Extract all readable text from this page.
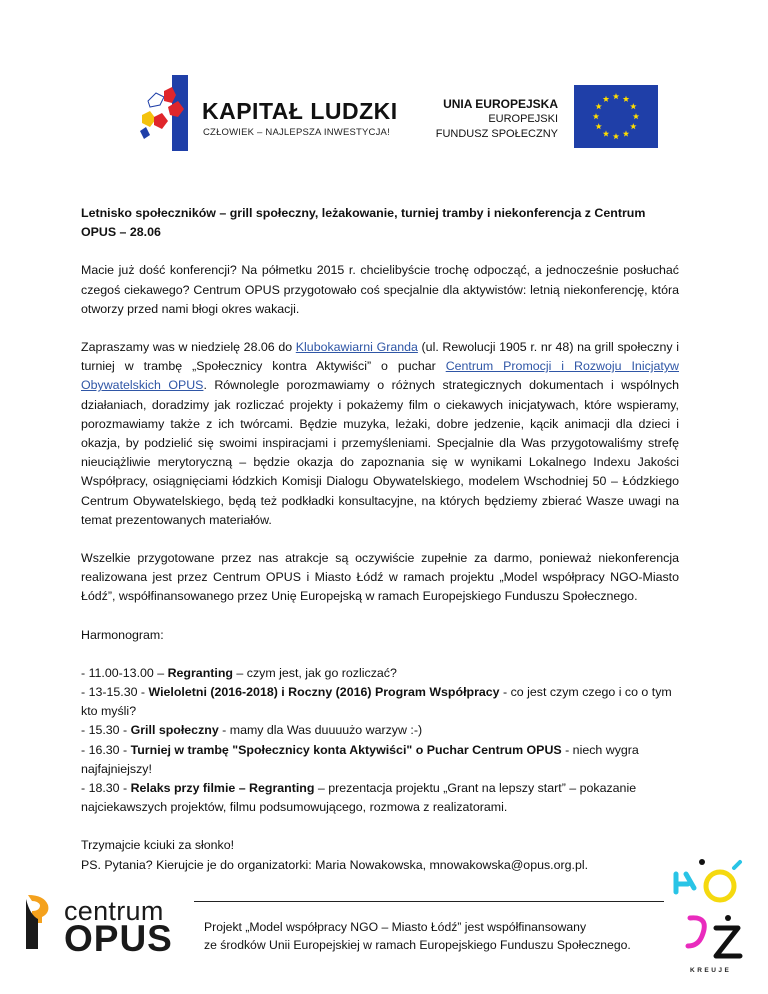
KAPITAŁ LUDZKI
CZŁOWIEK – NAJLEPSZA INWESTYCJA!
UNIA EUROPEJSKA
EUROPEJSKI
FUNDUSZ SPOŁECZNY

Letnisko społeczników – grill społeczny, leżakowanie, turniej tramby i niekonferencja z Centrum OPUS – 28.06

Macie już dość konferencji? Na półmetku 2015 r. chcielibyście trochę odpocząć, a jednocześnie posłuchać czegoś ciekawego? Centrum OPUS przygotowało coś specjalnie dla aktywistów: letnią niekonferencję, która otworzy przed nami błogi okres wakacji.

Zapraszamy was w niedzielę 28.06 do Klubokawiarni Granda (ul. Rewolucji 1905 r. nr 48) na grill społeczny i turniej w trambę „Społecznicy kontra Aktywiści” o puchar Centrum Promocji i Rozwoju Inicjatyw Obywatelskich OPUS. Równolegle porozmawiamy o różnych strategicznych dokumentach i wspólnych działaniach, doradzimy jak rozliczać projekty i pokażemy film o ciekawych inicjatywach, które wspieramy, porozmawiamy także z ich twórcami. Będzie muzyka, leżaki, dobre jedzenie, kącik animacji dla dzieci i okazja, by podzielić się swoimi inspiracjami i przemyśleniami. Specjalnie dla Was przygotowaliśmy strefę nieuciążliwie merytoryczną – będzie okazja do zapoznania się w wynikami Lokalnego Indexu Jakości Współpracy, osiągnięciami łódzkich Komisji Dialogu Obywatelskiego, modelem Wschodniej 50 – Łódzkiego Centrum Obywatelskiego, będą też podkładki konsultacyjne, na których będziemy zbierać Wasze uwagi na temat prezentowanych materiałów.

Wszelkie przygotowane przez nas atrakcje są oczywiście zupełnie za darmo, ponieważ niekonferencja realizowana jest przez Centrum OPUS i Miasto Łódź w ramach projektu „Model współpracy NGO-Miasto Łódź”, współfinansowanego przez Unię Europejską w ramach Europejskiego Funduszu Społecznego.

Harmonogram:

- 11.00-13.00 – Regranting – czym jest, jak go rozliczać?
- 13-15.30 - Wieloletni (2016-2018) i Roczny (2016) Program Współpracy - co jest czym czego i co o tym kto myśli?
- 15.30 - Grill społeczny - mamy dla Was duuuużo warzyw :-)
- 16.30 - Turniej w trambę "Społecznicy konta Aktywiści" o Puchar Centrum OPUS - niech wygra najfajniejszy!
- 18.30 - Relaks przy filmie – Regranting – prezentacja projektu „Grant na lepszy start” – pokazanie najciekawszych projektów, filmu podsumowującego, rozmowa z realizatorami.
Trzymajcie kciuki za słonko!
PS. Pytania? Kierujcie je do organizatorki: Maria Nowakowska, mnowakowska@opus.org.pl.
centrum
OPUS	Projekt „Model współpracy NGO – Miasto Łódź” jest współfinansowany
ze środków Unii Europejskiej w ramach Europejskiego Funduszu Społecznego.
KREUJE
